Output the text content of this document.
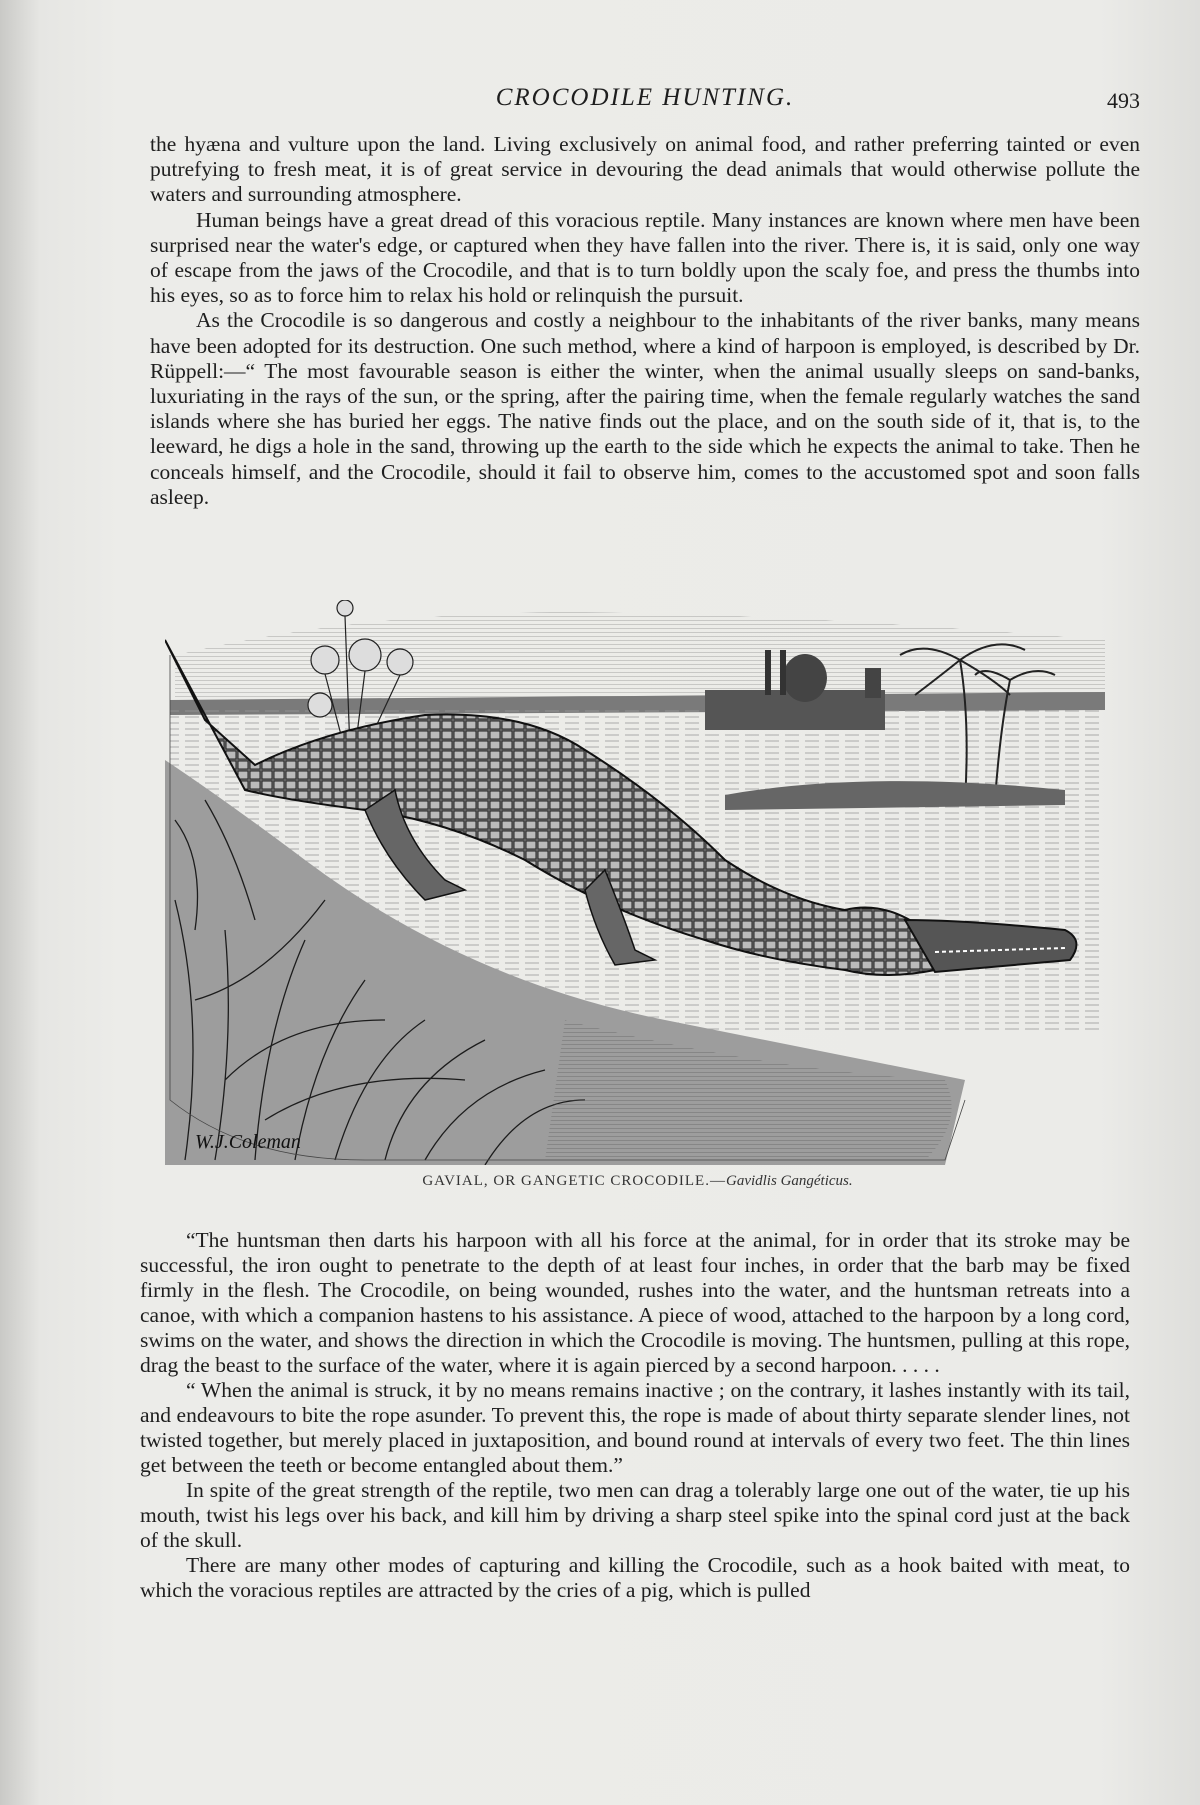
CROCODILE HUNTING.	493

the hyæna and vulture upon the land. Living exclusively on animal food, and rather preferring tainted or even putrefying to fresh meat, it is of great service in devouring the dead animals that would otherwise pollute the waters and surrounding atmosphere.

Human beings have a great dread of this voracious reptile. Many instances are known where men have been surprised near the water's edge, or captured when they have fallen into the river. There is, it is said, only one way of escape from the jaws of the Crocodile, and that is to turn boldly upon the scaly foe, and press the thumbs into his eyes, so as to force him to relax his hold or relinquish the pursuit.

As the Crocodile is so dangerous and costly a neighbour to the inhabitants of the river banks, many means have been adopted for its destruction. One such method, where a kind of harpoon is employed, is described by Dr. Rüppell:—“ The most favourable season is either the winter, when the animal usually sleeps on sand-banks, luxuriating in the rays of the sun, or the spring, after the pairing time, when the female regularly watches the sand islands where she has buried her eggs. The native finds out the place, and on the south side of it, that is, to the leeward, he digs a hole in the sand, throwing up the earth to the side which he expects the animal to take. Then he conceals himself, and the Crocodile, should it fail to observe him, comes to the accustomed spot and soon falls asleep.

W.J.Coleman
GAVIAL, OR GANGETIC CROCODILE.—Gavidlis Gangéticus.

“The huntsman then darts his harpoon with all his force at the animal, for in order that its stroke may be successful, the iron ought to penetrate to the depth of at least four inches, in order that the barb may be fixed firmly in the flesh. The Crocodile, on being wounded, rushes into the water, and the huntsman retreats into a canoe, with which a companion hastens to his assistance. A piece of wood, attached to the harpoon by a long cord, swims on the water, and shows the direction in which the Crocodile is moving. The huntsmen, pulling at this rope, drag the beast to the surface of the water, where it is again pierced by a second harpoon. . . . .

“ When the animal is struck, it by no means remains inactive ; on the contrary, it lashes instantly with its tail, and endeavours to bite the rope asunder. To prevent this, the rope is made of about thirty separate slender lines, not twisted together, but merely placed in juxtaposition, and bound round at intervals of every two feet. The thin lines get between the teeth or become entangled about them.”

In spite of the great strength of the reptile, two men can drag a tolerably large one out of the water, tie up his mouth, twist his legs over his back, and kill him by driving a sharp steel spike into the spinal cord just at the back of the skull.

There are many other modes of capturing and killing the Crocodile, such as a hook baited with meat, to which the voracious reptiles are attracted by the cries of a pig, which is pulled
